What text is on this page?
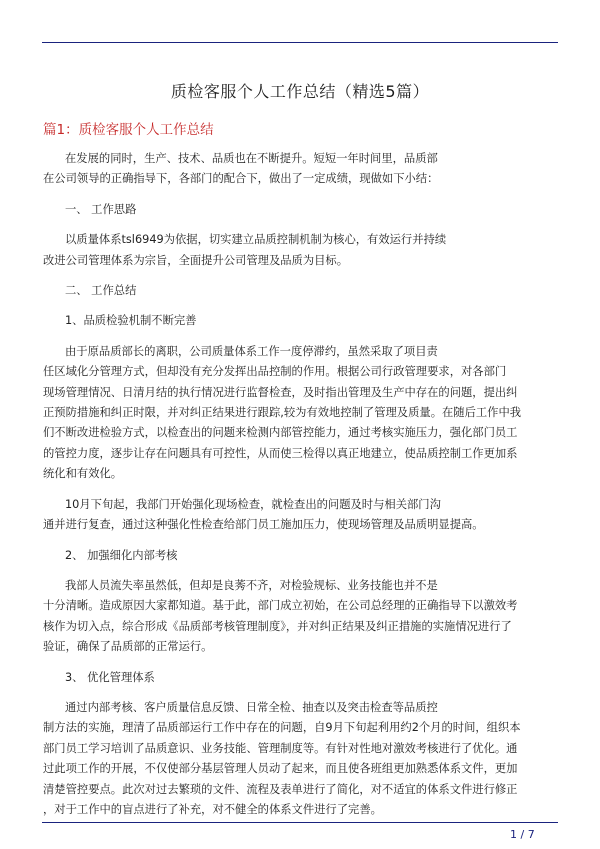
质检客服个人工作总结（精选5篇）
篇1：质检客服个人工作总结

在发展的同时，生产、技术、品质也在不断提升。短短一年时间里，品质部
在公司领导的正确指导下，各部门的配合下，做出了一定成绩，现做如下小结：

一、 工作思路

以质量体系tsl6949为依据，切实建立品质控制机制为核心，有效运行并持续
改进公司管理体系为宗旨，全面提升公司管理及品质为目标。

二、 工作总结

1、品质检验机制不断完善

由于原品质部长的离职，公司质量体系工作一度停滞约，虽然采取了项目责
任区域化分管理方式，但却没有充分发挥出品控制的作用。根据公司行政管理要求，对各部门
现场管理情况、日清月结的执行情况进行监督检查，及时指出管理及生产中存在的问题，提出纠
正预防措施和纠正时限，并对纠正结果进行跟踪,较为有效地控制了管理及质量。在随后工作中我
们不断改进检验方式，以检查出的问题来检测内部管控能力，通过考核实施压力，强化部门员工
的管控力度，逐步让存在问题具有可控性，从而使三检得以真正地建立，使品质控制工作更加系
统化和有效化。

10月下旬起，我部门开始强化现场检查，就检查出的问题及时与相关部门沟
通并进行复查，通过这种强化性检查给部门员工施加压力，使现场管理及品质明显提高。

2、 加强细化内部考核

我部人员流失率虽然低，但却是良莠不齐，对检验规标、业务技能也并不是
十分清晰。造成原因大家都知道。基于此，部门成立初始，在公司总经理的正确指导下以激效考
核作为切入点，综合形成《品质部考核管理制度》，并对纠正结果及纠正措施的实施情况进行了
验证，确保了品质部的正常运行。

3、 优化管理体系

通过内部考核、客户质量信息反馈、日常全检、抽查以及突击检查等品质控
制方法的实施，理清了品质部运行工作中存在的问题，自9月下旬起利用约2个月的时间，组织本
部门员工学习培训了品质意识、业务技能、管理制度等。有针对性地对激效考核进行了优化。通
过此项工作的开展，不仅使部分基层管理人员动了起来，而且使各班组更加熟悉体系文件，更加
清楚管控要点。此次对过去繁琐的文件、流程及表单进行了简化，对不适宜的体系文件进行修正
，对于工作中的盲点进行了补充，对不健全的体系文件进行了完善。

1 / 7
